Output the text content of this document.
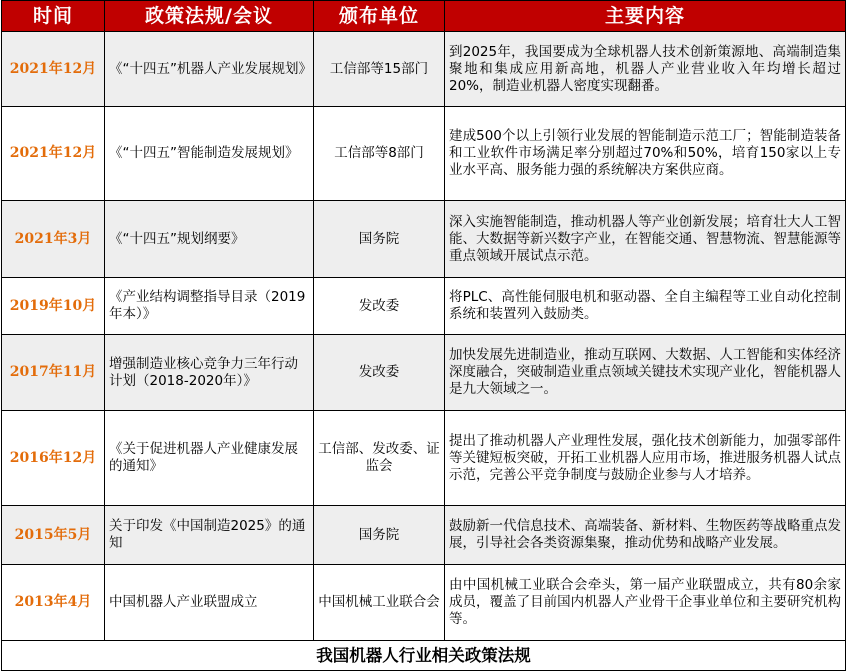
时间	政策法规/会议	颁布单位	主要内容
2021年12月	《“十四五”机器人产业发展规划》	工信部等15部门	到2025年，我国要成为全球机器人技术创新策源地、高端制造集聚地和集成应用新高地，机器人产业营业收入年均增长超过20%，制造业机器人密度实现翻番。
2021年12月	《“十四五”智能制造发展规划》	工信部等8部门	建成500个以上引领行业发展的智能制造示范工厂；智能制造装备和工业软件市场满足率分别超过70%和50%，培育150家以上专业水平高、服务能力强的系统解决方案供应商。
2021年3月	《“十四五”规划纲要》	国务院	深入实施智能制造，推动机器人等产业创新发展；培育壮大人工智能、大数据等新兴数字产业，在智能交通、智慧物流、智慧能源等重点领域开展试点示范。
2019年10月	《产业结构调整指导目录（2019年本）》	发改委	将PLC、高性能伺服电机和驱动器、全自主编程等工业自动化控制系统和装置列入鼓励类。
2017年11月	增强制造业核心竞争力三年行动计划（2018-2020年）》	发改委	加快发展先进制造业，推动互联网、大数据、人工智能和实体经济深度融合，突破制造业重点领域关键技术实现产业化，智能机器人是九大领域之一。
2016年12月	《关于促进机器人产业健康发展的通知》	工信部、发改委、证监会	提出了推动机器人产业理性发展，强化技术创新能力，加强零部件等关键短板突破，开拓工业机器人应用市场，推进服务机器人试点示范，完善公平竞争制度与鼓励企业参与人才培养。
2015年5月	关于印发《中国制造2025》的通知	国务院	鼓励新一代信息技术、高端装备、新材料、生物医药等战略重点发展，引导社会各类资源集聚，推动优势和战略产业发展。
2013年4月	中国机器人产业联盟成立	中国机械工业联合会	由中国机械工业联合会牵头，第一届产业联盟成立，共有80余家成员，覆盖了目前国内机器人产业骨干企事业单位和主要研究机构等。
我国机器人行业相关政策法规			
